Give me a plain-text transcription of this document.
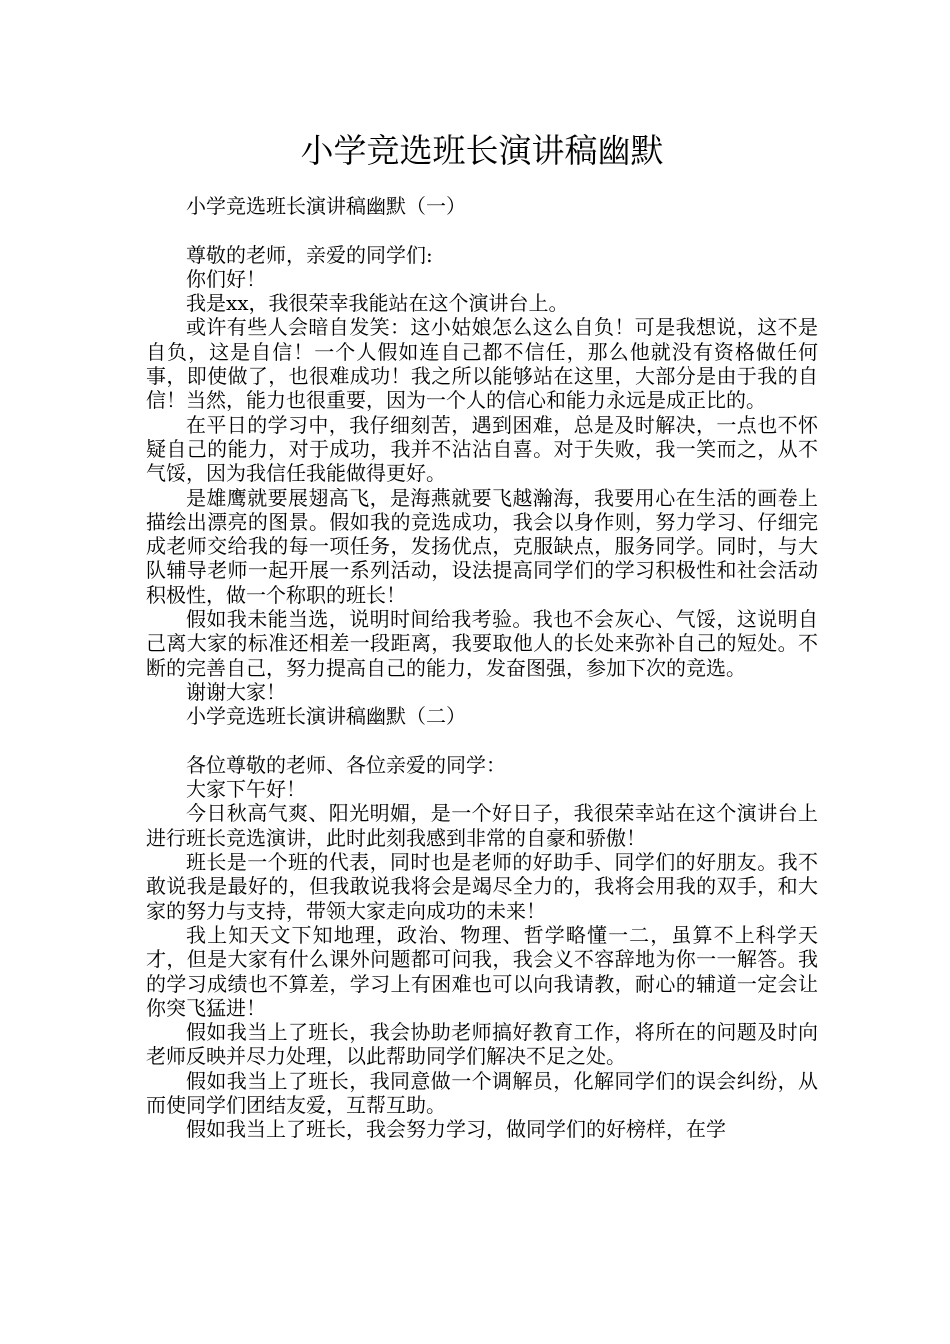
小学竞选班长演讲稿幽默

小学竞选班长演讲稿幽默（一）

尊敬的老师，亲爱的同学们:

你们好！

我是xx，我很荣幸我能站在这个演讲台上。

或许有些人会暗自发笑：这小姑娘怎么这么自负！可是我想说，这不是自负，这是自信！一个人假如连自己都不信任，那么他就没有资格做任何事，即使做了，也很难成功！我之所以能够站在这里，大部分是由于我的自信！当然，能力也很重要，因为一个人的信心和能力永远是成正比的。

在平日的学习中，我仔细刻苦，遇到困难，总是及时解决，一点也不怀疑自己的能力，对于成功，我并不沾沾自喜。对于失败，我一笑而之，从不气馁，因为我信任我能做得更好。

是雄鹰就要展翅高飞，是海燕就要飞越瀚海，我要用心在生活的画卷上描绘出漂亮的图景。假如我的竞选成功，我会以身作则，努力学习、仔细完成老师交给我的每一项任务，发扬优点，克服缺点，服务同学。同时，与大队辅导老师一起开展一系列活动，设法提高同学们的学习积极性和社会活动积极性，做一个称职的班长！

假如我未能当选，说明时间给我考验。我也不会灰心、气馁，这说明自己离大家的标准还相差一段距离，我要取他人的长处来弥补自己的短处。不断的完善自己，努力提高自己的能力，发奋图强，参加下次的竞选。

谢谢大家！

小学竞选班长演讲稿幽默（二）

各位尊敬的老师、各位亲爱的同学：

大家下午好！

今日秋高气爽、阳光明媚，是一个好日子，我很荣幸站在这个演讲台上进行班长竞选演讲，此时此刻我感到非常的自豪和骄傲！

班长是一个班的代表，同时也是老师的好助手、同学们的好朋友。我不敢说我是最好的，但我敢说我将会是竭尽全力的，我将会用我的双手，和大家的努力与支持，带领大家走向成功的未来！

我上知天文下知地理，政治、物理、哲学略懂一二，虽算不上科学天才，但是大家有什么课外问题都可问我，我会义不容辞地为你一一解答。我的学习成绩也不算差，学习上有困难也可以向我请教，耐心的辅道一定会让你突飞猛进！

假如我当上了班长，我会协助老师搞好教育工作，将所在的问题及时向老师反映并尽力处理，以此帮助同学们解决不足之处。

假如我当上了班长，我同意做一个调解员，化解同学们的误会纠纷，从而使同学们团结友爱，互帮互助。

假如我当上了班长，我会努力学习，做同学们的好榜样，在学
